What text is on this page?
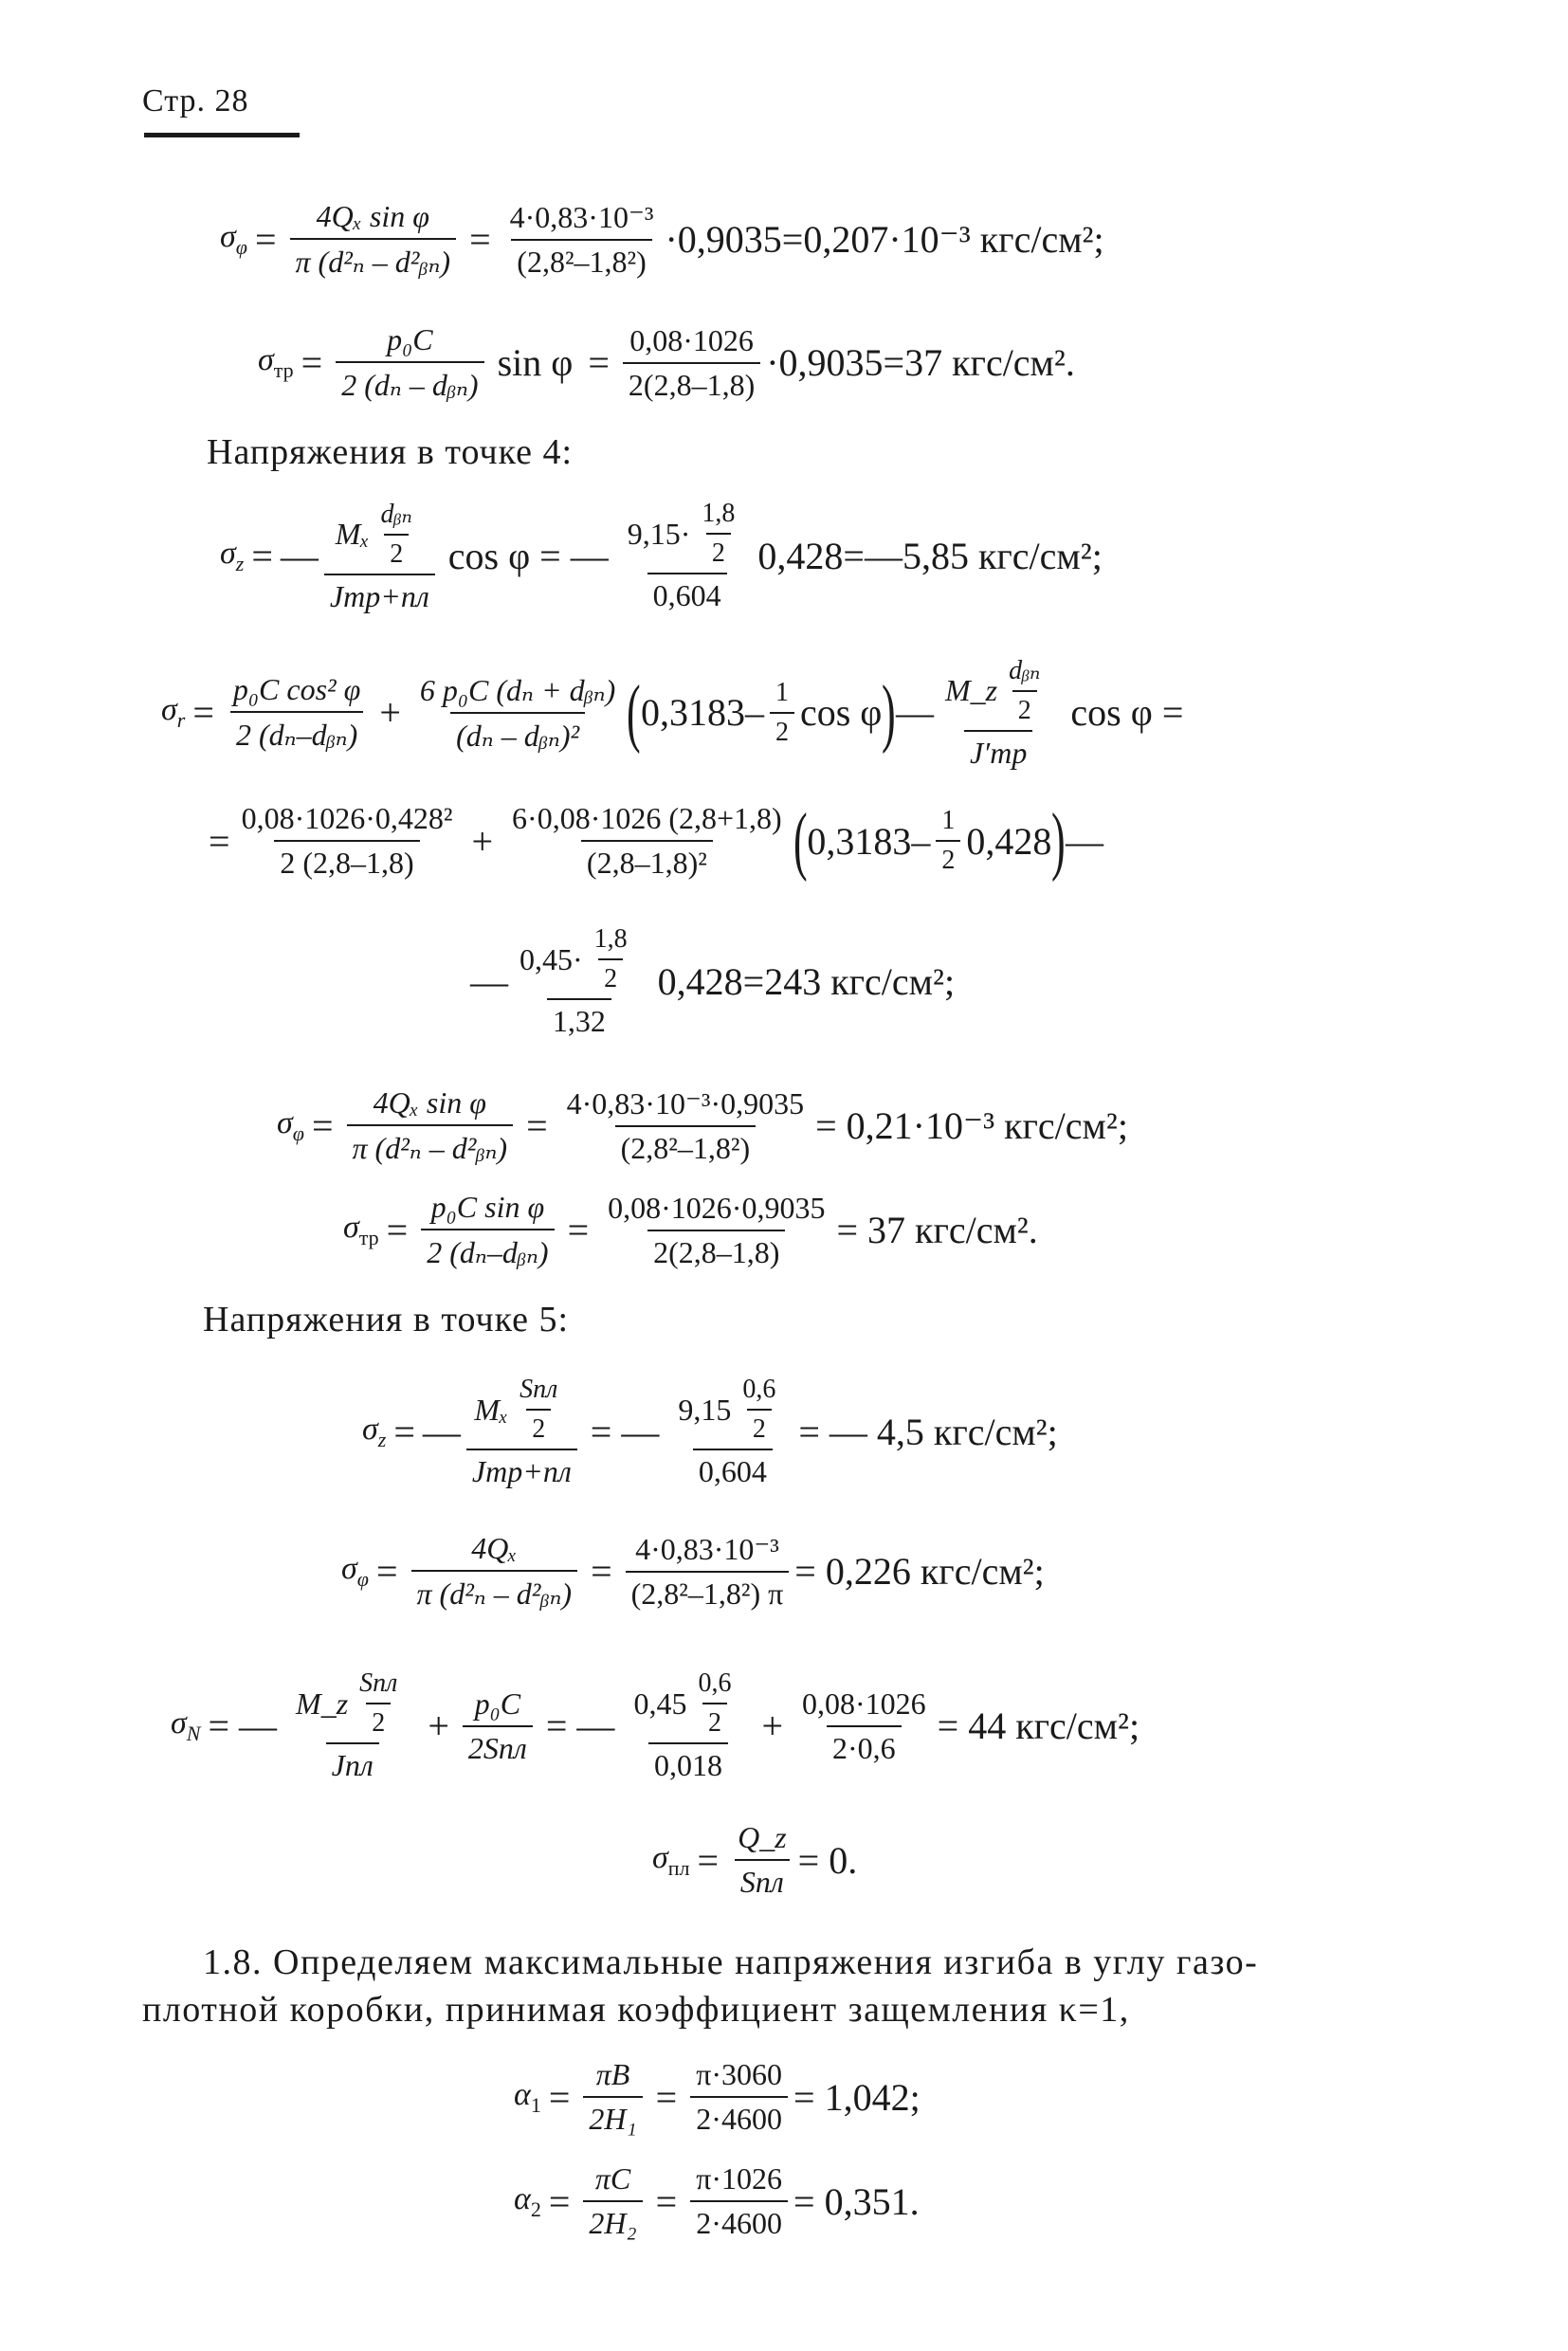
Стр. 28
$\sigma_\varphi = \frac{\text{4Qₓ sin φ}}{\text{π (d²ₙ – d²ᵦₙ)}} = \frac{\text{4·0,83·10⁻³}}{\text{(2,8²–1,8²)}} \cdot 0,9035=0,207\cdot 10^{-3}$ кгс/см²;
$\sigma_{тр} = \frac{\text{p₀C}}{\text{2 (dₙ – dᵦₙ)}}$ $\sin \varphi = \frac{0,08\cdot 1026}{2(2,8-1,8)} \cdot 0,9035=37$ кгс/см².
Напряжения в точке 4:
$\sigma_z$ = — $\frac{M_x \frac{\text{dᵦₙ}}{2}}{\text{Jтр+пл}}$ cos φ = — $\frac{9,15\cdot \frac{1,8}{2}}{0,604}$ 0,428=—5,85 кгс/см²;
$\sigma_r = \frac{\text{p₀C cos² φ}}{\text{2 (dₙ–dᵦₙ)}} + \frac{\text{6 p₀C (dₙ + dᵦₙ)}}{\text{(dₙ – dᵦₙ)²}}$ ( $0,3183- \frac{1}{2}$ cos φ ) — $\frac{M\_z \frac{\text{dᵦₙ}}{2}}{J'тр}$ cos φ =
= $\frac{\text{0,08·1026·0,428²}}{2 (2,8-1,8)} + \frac{6\cdot 0,08\cdot 1026 (2,8+1,8)}{\text{(2,8–1,8)²}}$ ( $0,3183- \frac{1}{2} 0,428$ ) —
— $\frac{0,45\cdot \frac{1,8}{2}}{1,32} 0,428=243$ кгс/см²;
$\sigma_\varphi = \frac{\text{4Qₓ sin φ}}{\text{π (d²ₙ – d²ᵦₙ)}} = \frac{\text{4·0,83·10⁻³·0,9035}}{\text{(2,8²–1,8²)}} = 0,21\cdot 10^{-3}$ кгс/см²;
$\sigma_{тр} = \frac{\text{p₀C sin φ}}{\text{2 (dₙ–dᵦₙ)}} = \frac{0,08\cdot 1026\cdot 0,9035}{2(2,8-1,8)} = 37$ кгс/см².
Напряжения в точке 5:
$\sigma_z$ = — $\frac{M_x \frac{\text{Sпл}}{2}}{\text{Jтр+пл}}$ = — $\frac{9,15 \frac{0,6}{2}}{0,604}$ = — 4,5 кгс/см²;
$\sigma_\varphi = \frac{\text{4Qₓ}}{\text{π (d²ₙ – d²ᵦₙ)}} = \frac{\text{4·0,83·10⁻³}}{\text{(2,8²–1,8²) π}} = 0,226$ кгс/см²;
$\sigma_N$ = — $\frac{M\_z \frac{\text{Sпл}}{2}}{\text{Jпл}} + \frac{\text{p₀C}}{\text{2Sпл}}$ = — $\frac{0,45 \frac{0,6}{2}}{0,018} + \frac{0,08\cdot 1026}{2\cdot 0,6} = 44$ кгс/см²;
$\sigma_{пл} = \frac{Q\_z}{\text{Sпл}} = 0$.
1.8. Определяем максимальные напряжения изгиба в углу газо-
плотной коробки, принимая коэффициент защемления κ=1,
$\alpha_1 = \frac{\pi B}{\text{2H₁}} = \frac{\pi\cdot 3060}{2\cdot 4600} = 1,042$;
$\alpha_2 = \frac{\pi C}{\text{2H₂}} = \frac{\pi\cdot 1026}{2\cdot 4600} = 0,351$.
